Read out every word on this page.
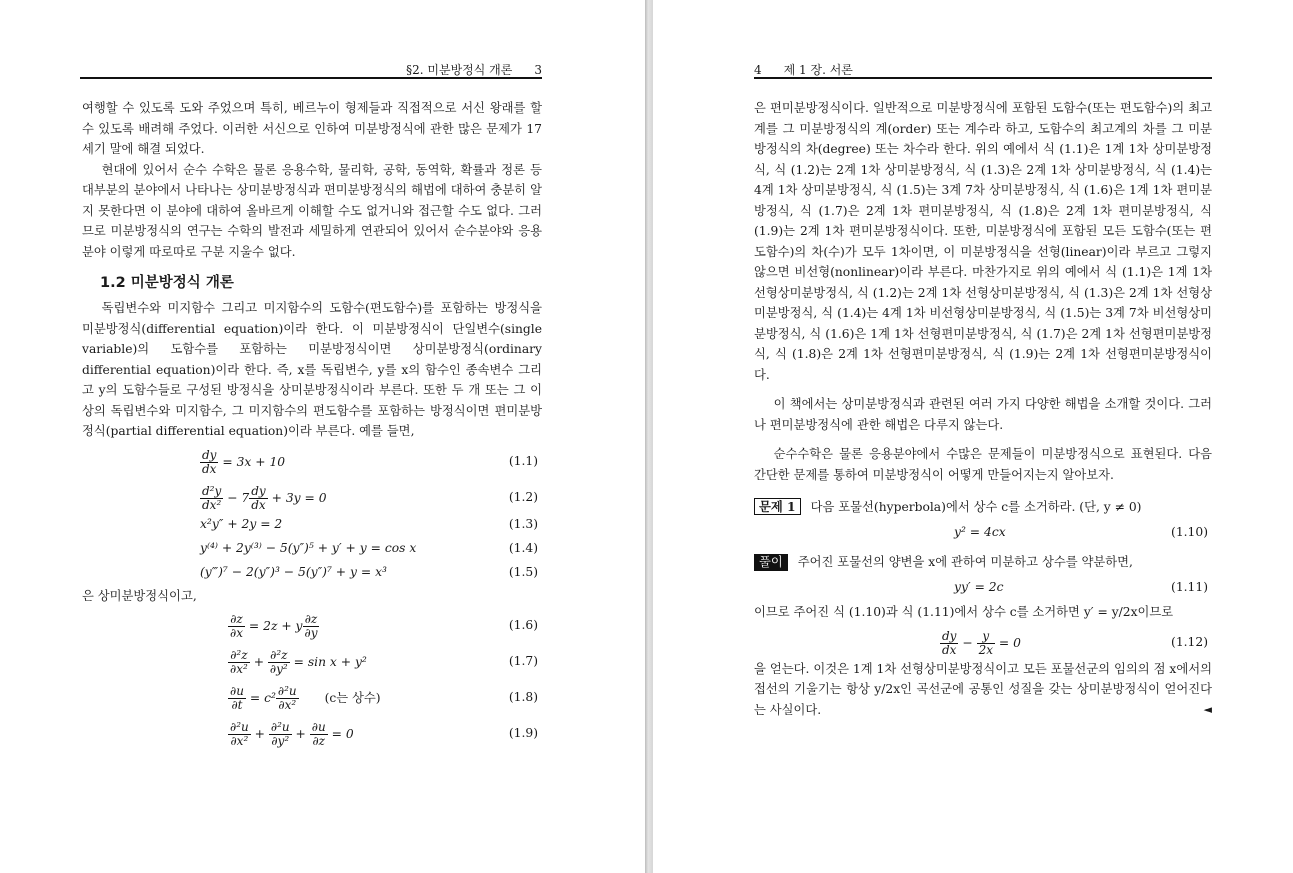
§2. 미분방정식 개론 3	4 제 1 장. 서론

여행할 수 있도록 도와 주었으며 특히, 베르누이 형제들과 직접적으로 서신 왕래를 할 수 있도록 배려해 주었다. 이러한 서신으로 인하여 미분방정식에 관한 많은 문제가 17세기 말에 해결 되었다.

현대에 있어서 순수 수학은 물론 응용수학, 물리학, 공학, 동역학, 확률과 정론 등 대부분의 분야에서 나타나는 상미분방정식과 편미분방정식의 해법에 대하여 충분히 알지 못한다면 이 분야에 대하여 올바르게 이해할 수도 없거니와 접근할 수도 없다. 그러므로 미분방정식의 연구는 수학의 발전과 세밀하게 연관되어 있어서 순수분야와 응용분야 이렇게 따로따로 구분 지울수 없다.

1.2 미분방정식 개론

독립변수와 미지함수 그리고 미지함수의 도함수(편도함수)를 포함하는 방정식을 미분방정식(differential equation)이라 한다. 이 미분방정식이 단일변수(single variable)의 도함수를 포함하는 미분방정식이면 상미분방정식(ordinary differential equation)이라 한다. 즉, x를 독립변수, y를 x의 함수인 종속변수 그리고 y의 도함수들로 구성된 방정식을 상미분방정식이라 부른다. 또한 두 개 또는 그 이상의 독립변수와 미지함수, 그 미지함수의 편도함수를 포함하는 방정식이면 편미분방정식(partial differential equation)이라 부른다. 예를 들면,

$\frac{dy}{dx} = 3x + 10$	(1.1)
$\frac{\text{d²y}}{\text{dx²}} - 7 \frac{dy}{dx} + 3y = 0$	(1.2)
x²y″ + 2y = 2	(1.3)
y⁽⁴⁾ + 2y⁽³⁾ − 5(y″)⁵ + y′ + y = cos x	(1.4)
(y‴)⁷ − 2(y″)³ − 5(y″)⁷ + y = x³	(1.5)

은 상미분방정식이고,

$\frac{\partial z}{\partial x} = 2z + y \frac{\partial z}{\partial y}$	(1.6)
$\frac{\text{∂²z}}{\text{∂x²}} + \frac{\text{∂²z}}{\text{∂y²}} = \sin x + y^2$	(1.7)
$\frac{\partial u}{\partial t} = c^2 \frac{\text{∂²u}}{\text{∂x²}} (c$는 상수)	(1.8)
$\frac{\text{∂²u}}{\text{∂x²}} + \frac{\text{∂²u}}{\text{∂y²}} + \frac{\partial u}{\partial z} = 0$	(1.9)

은 편미분방정식이다. 일반적으로 미분방정식에 포함된 도함수(또는 편도함수)의 최고계를 그 미분방정식의 계(order) 또는 계수라 하고, 도함수의 최고계의 차를 그 미분방정식의 차(degree) 또는 차수라 한다. 위의 예에서 식 (1.1)은 1계 1차 상미분방정식, 식 (1.2)는 2계 1차 상미분방정식, 식 (1.3)은 2계 1차 상미분방정식, 식 (1.4)는 4계 1차 상미분방정식, 식 (1.5)는 3계 7차 상미분방정식, 식 (1.6)은 1계 1차 편미분방정식, 식 (1.7)은 2계 1차 편미분방정식, 식 (1.8)은 2계 1차 편미분방정식, 식 (1.9)는 2계 1차 편미분방정식이다. 또한, 미분방정식에 포함된 모든 도함수(또는 편도함수)의 차(수)가 모두 1차이면, 이 미분방정식을 선형(linear)이라 부르고 그렇지 않으면 비선형(nonlinear)이라 부른다. 마찬가지로 위의 예에서 식 (1.1)은 1계 1차 선형상미분방정식, 식 (1.2)는 2계 1차 선형상미분방정식, 식 (1.3)은 2계 1차 선형상미분방정식, 식 (1.4)는 4계 1차 비선형상미분방정식, 식 (1.5)는 3계 7차 비선형상미분방정식, 식 (1.6)은 1계 1차 선형편미분방정식, 식 (1.7)은 2계 1차 선형편미분방정식, 식 (1.8)은 2계 1차 선형편미분방정식, 식 (1.9)는 2계 1차 선형편미분방정식이다.

이 책에서는 상미분방정식과 관련된 여러 가지 다양한 해법을 소개할 것이다. 그러나 편미분방정식에 관한 해법은 다루지 않는다.

순수수학은 물론 응용분야에서 수많은 문제들이 미분방정식으로 표현된다. 다음 간단한 문제를 통하여 미분방정식이 어떻게 만들어지는지 알아보자.

문제 1 다음 포물선(hyperbola)에서 상수 c를 소거하라. (단, y ≠ 0)

y² = 4cx	(1.10)

풀이 주어진 포물선의 양변을 x에 관하여 미분하고 상수를 약분하면,

yy′ = 2c	(1.11)

이므로 주어진 식 (1.10)과 식 (1.11)에서 상수 c를 소거하면 y′ = y/2x이므로

$\frac{dy}{dx} - \frac{y}{2x} = 0$	(1.12)

을 얻는다. 이것은 1계 1차 선형상미분방정식이고 모든 포물선군의 임의의 점 x에서의 접선의 기울기는 항상 y/2x인 곡선군에 공통인 성질을 갖는 상미분방정식이 얻어진다는 사실이다.	◄
